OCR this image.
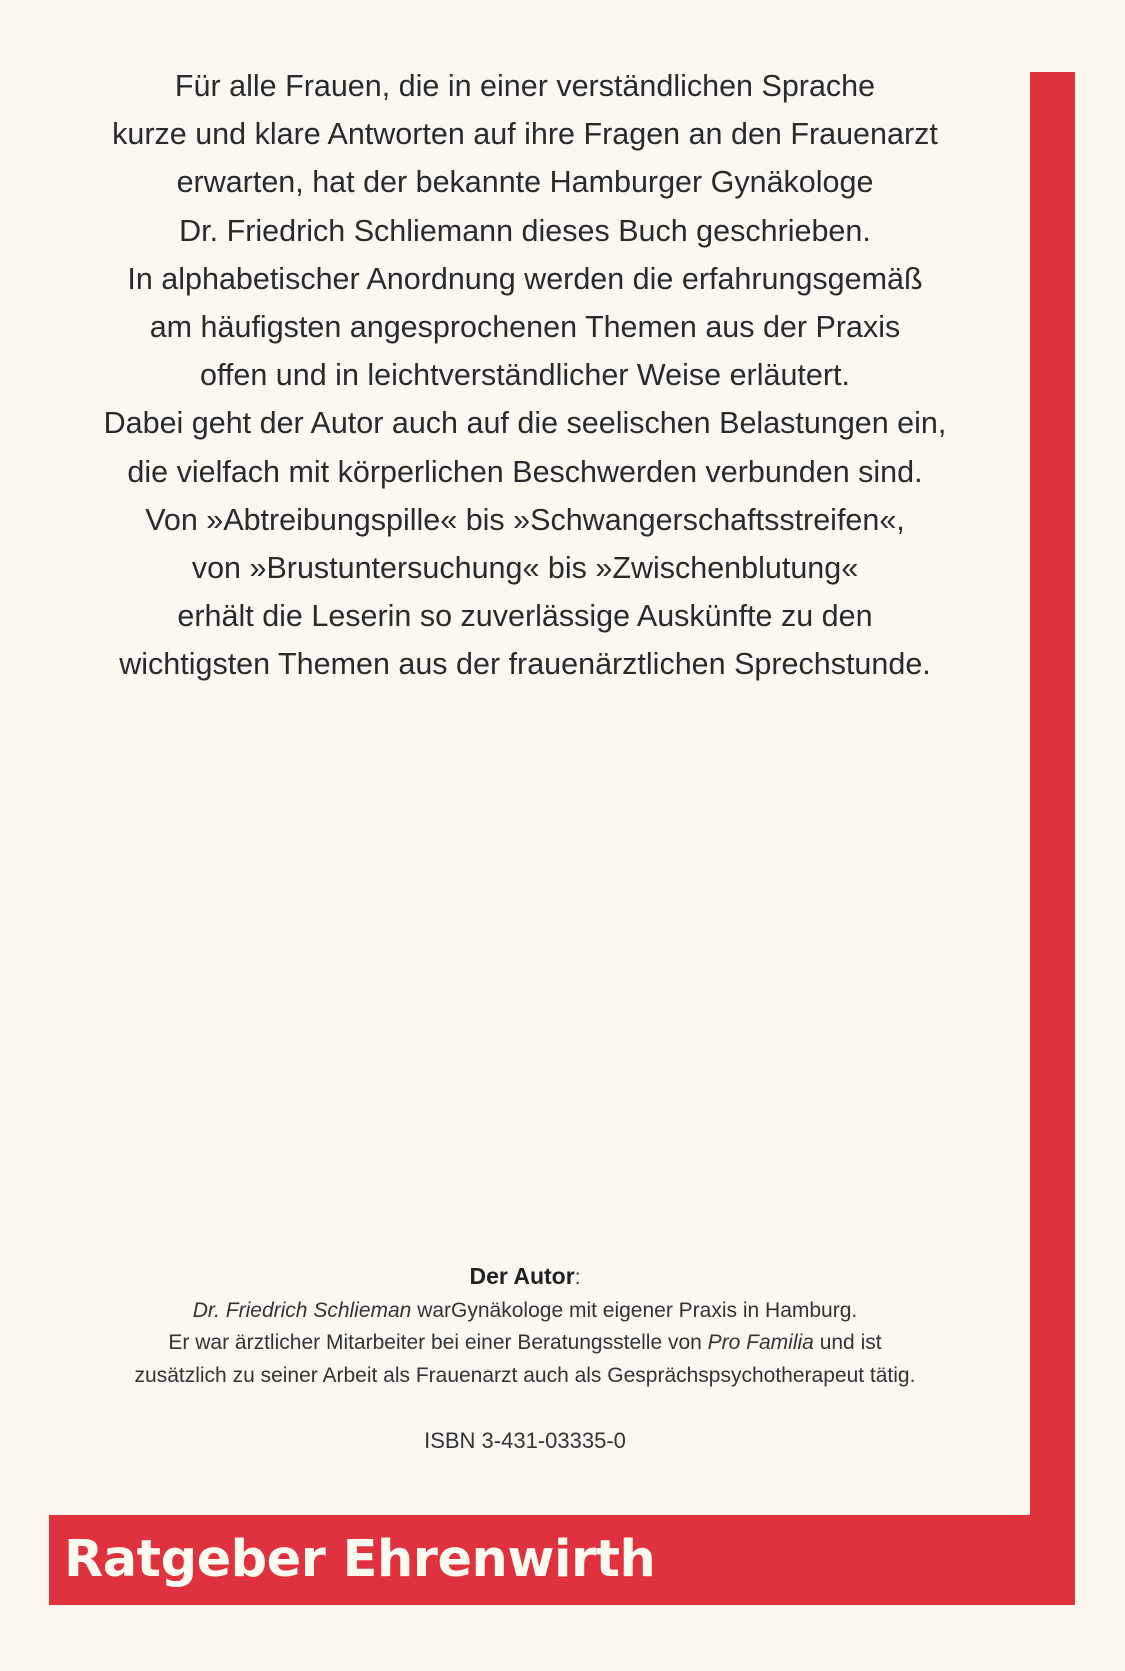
Ratgeber Ehrenwirth
Für alle Frauen, die in einer verständlichen Sprache
kurze und klare Antworten auf ihre Fragen an den Frauenarzt
erwarten, hat der bekannte Hamburger Gynäkologe
Dr. Friedrich Schliemann dieses Buch geschrieben.
In alphabetischer Anordnung werden die erfahrungsgemäß
am häufigsten angesprochenen Themen aus der Praxis
offen und in leichtverständlicher Weise erläutert.
Dabei geht der Autor auch auf die seelischen Belastungen ein,
die vielfach mit körperlichen Beschwerden verbunden sind.
Von »Abtreibungspille« bis »Schwangerschaftsstreifen«,
von »Brustuntersuchung« bis »Zwischenblutung«
erhält die Leserin so zuverlässige Auskünfte zu den
wichtigsten Themen aus der frauenärztlichen Sprechstunde.
Der Autor:
Dr. Friedrich Schlieman warGynäkologe mit eigener Praxis in Hamburg.
Er war ärztlicher Mitarbeiter bei einer Beratungsstelle von Pro Familia und ist
zusätzlich zu seiner Arbeit als Frauenarzt auch als Gesprächspsychotherapeut tätig.
ISBN 3-431-03335-0
